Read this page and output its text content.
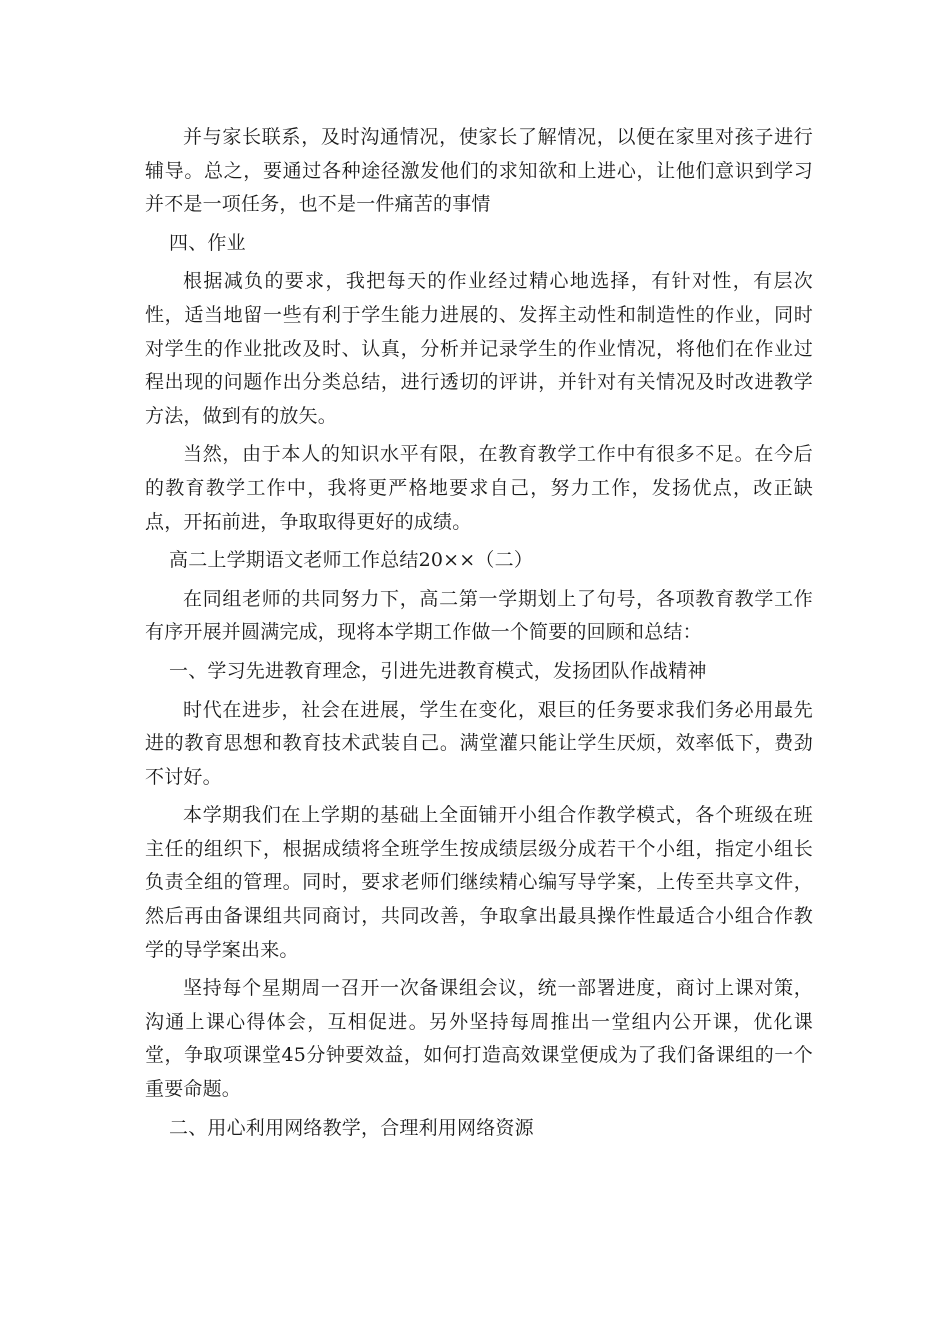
并与家长联系，及时沟通情况，使家长了解情况，以便在家里对孩子进行辅导。总之，要通过各种途径激发他们的求知欲和上进心，让他们意识到学习并不是一项任务，也不是一件痛苦的事情

四、作业

根据减负的要求，我把每天的作业经过精心地选择，有针对性，有层次性，适当地留一些有利于学生能力进展的、发挥主动性和制造性的作业，同时对学生的作业批改及时、认真，分析并记录学生的作业情况，将他们在作业过程出现的问题作出分类总结，进行透切的评讲，并针对有关情况及时改进教学方法，做到有的放矢。

当然，由于本人的知识水平有限，在教育教学工作中有很多不足。在今后的教育教学工作中，我将更严格地要求自己，努力工作，发扬优点，改正缺点，开拓前进，争取取得更好的成绩。

高二上学期语文老师工作总结20××（二）

在同组老师的共同努力下，高二第一学期划上了句号，各项教育教学工作有序开展并圆满完成，现将本学期工作做一个简要的回顾和总结：

一、学习先进教育理念，引进先进教育模式，发扬团队作战精神

时代在进步，社会在进展，学生在变化，艰巨的任务要求我们务必用最先进的教育思想和教育技术武装自己。满堂灌只能让学生厌烦，效率低下，费劲不讨好。

本学期我们在上学期的基础上全面铺开小组合作教学模式，各个班级在班主任的组织下，根据成绩将全班学生按成绩层级分成若干个小组，指定小组长负责全组的管理。同时，要求老师们继续精心编写导学案，上传至共享文件，然后再由备课组共同商讨，共同改善，争取拿出最具操作性最适合小组合作教学的导学案出来。

坚持每个星期周一召开一次备课组会议，统一部署进度，商讨上课对策，沟通上课心得体会，互相促进。另外坚持每周推出一堂组内公开课，优化课堂，争取项课堂45分钟要效益，如何打造高效课堂便成为了我们备课组的一个重要命题。

二、用心利用网络教学，合理利用网络资源
